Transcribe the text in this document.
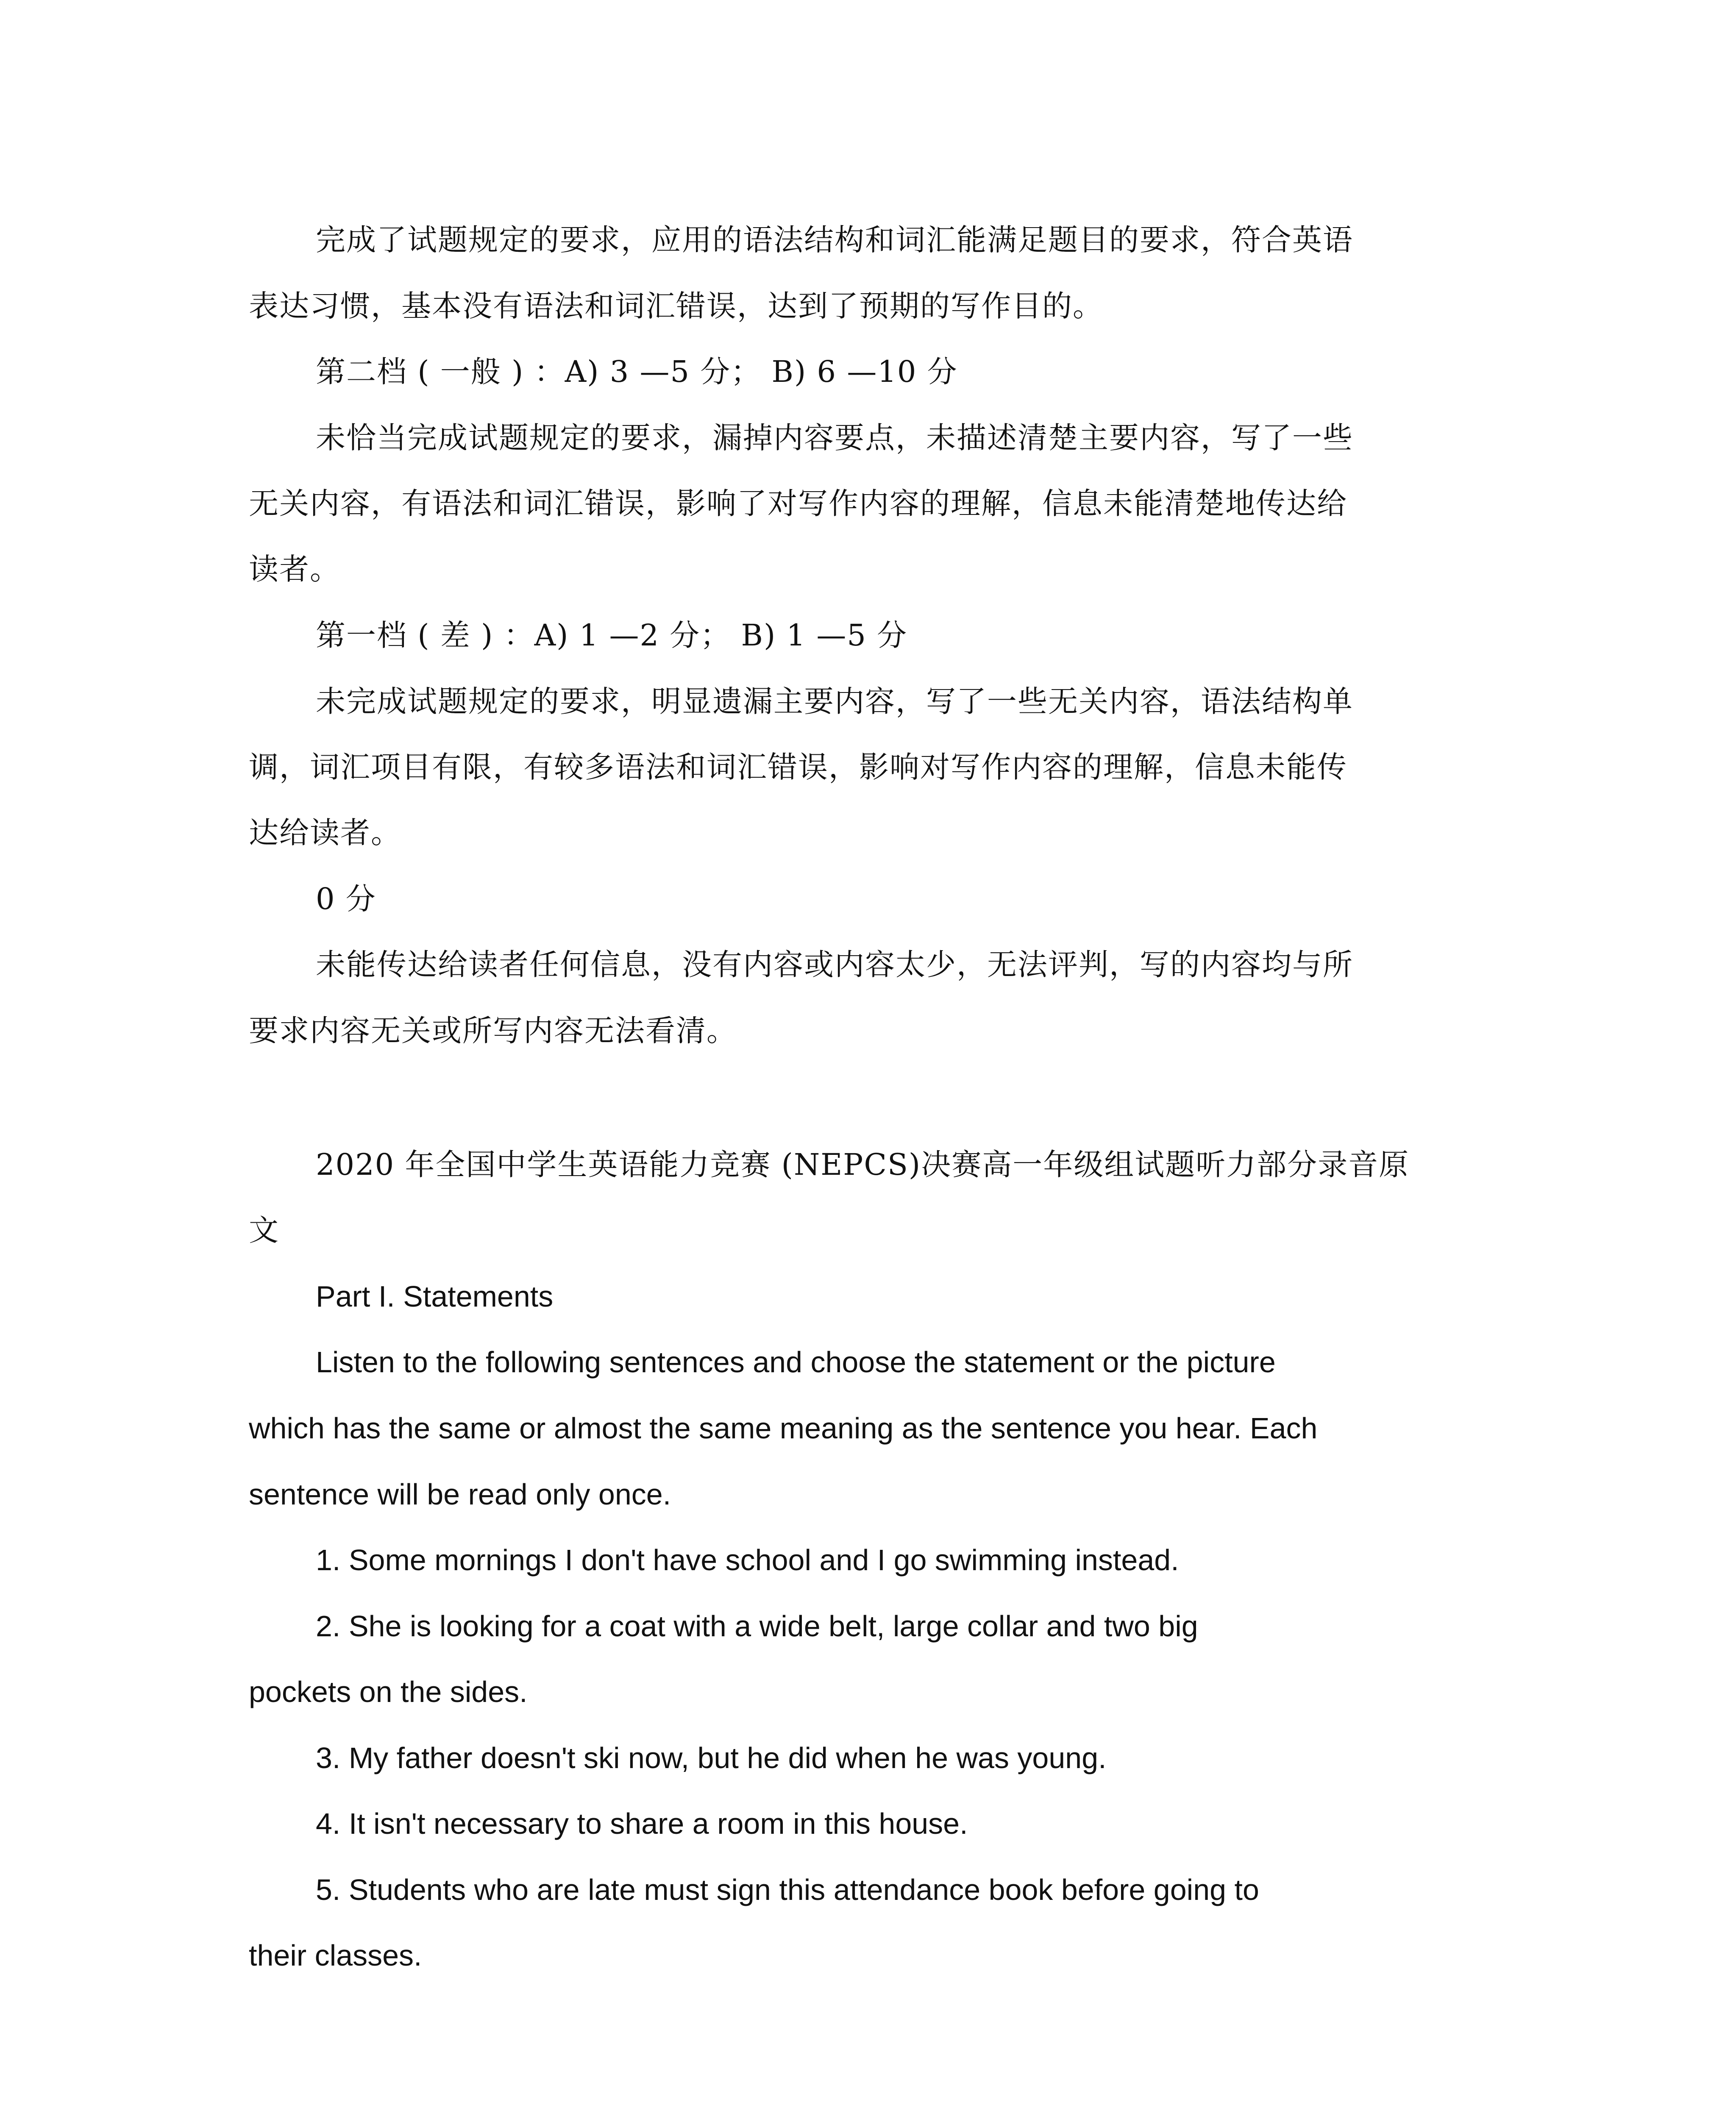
完成了试题规定的要求，应用的语法结构和词汇能满足题目的要求，符合英语

表达习惯，基本没有语法和词汇错误，达到了预期的写作目的。

第二档 ( 一般 ) ：A) 3 —5 分； B) 6 —10 分

未恰当完成试题规定的要求，漏掉内容要点，未描述清楚主要内容，写了一些

无关内容，有语法和词汇错误，影响了对写作内容的理解，信息未能清楚地传达给

读者。

第一档 ( 差 ) ：A) 1 —2 分； B) 1 —5 分

未完成试题规定的要求，明显遗漏主要内容，写了一些无关内容，语法结构单

调，词汇项目有限，有较多语法和词汇错误，影响对写作内容的理解，信息未能传

达给读者。

0 分

未能传达给读者任何信息，没有内容或内容太少，无法评判，写的内容均与所

要求内容无关或所写内容无法看清。

2020 年全国中学生英语能力竞赛 (NEPCS)决赛高一年级组试题听力部分录音原

文

Part I. Statements

Listen to the following sentences and choose the statement or the picture

which has the same or almost the same meaning as the sentence you hear. Each

sentence will be read only once.

1. Some mornings I don't have school and I go swimming instead.

2. She is looking for a coat with a wide belt, large collar and two big

pockets on the sides.

3. My father doesn't ski now, but he did when he was young.

4. It isn't necessary to share a room in this house.

5. Students who are late must sign this attendance book before going to

their classes.
